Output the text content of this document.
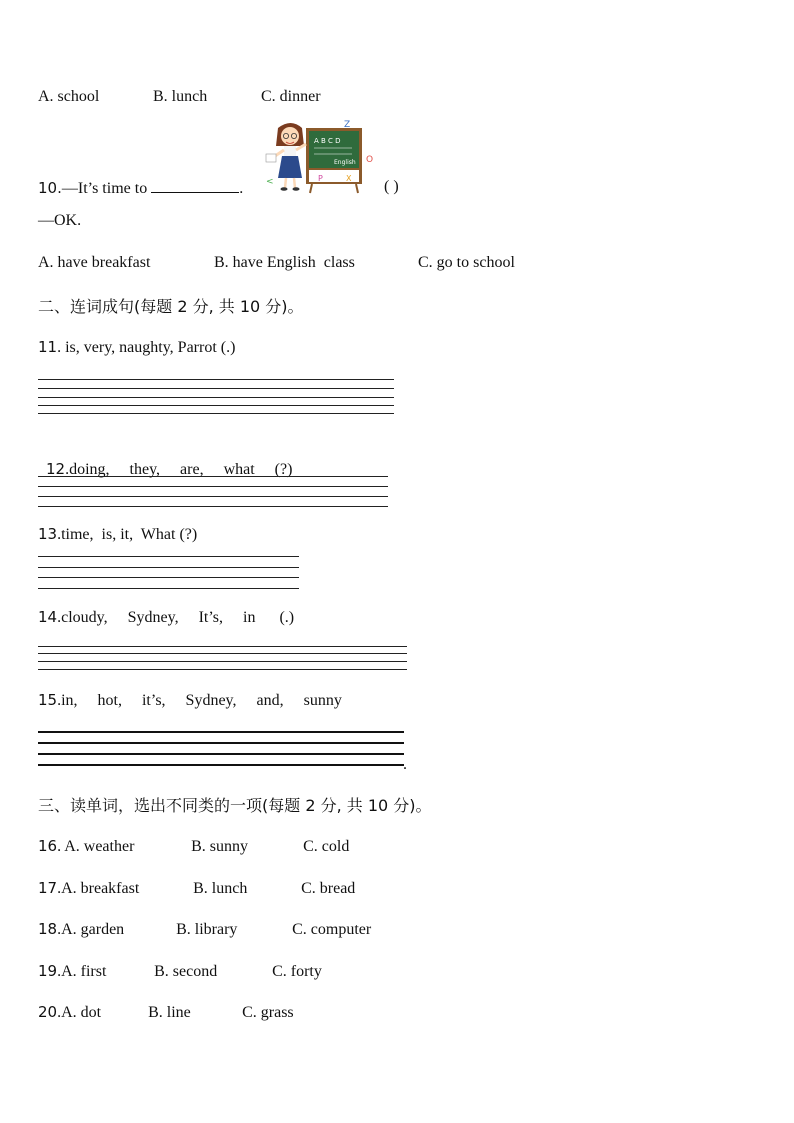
A. school	B. lunch	C. dinner
A B C D
English
Z
O
P	X
<
10.—It’s time to	.	( )
—OK.
A. have breakfast	B. have English  class	C. go to school
二、连词成句(每题 2 分, 共 10 分)。
11. is, very, naughty, Parrot (.)

12.doing,     they,     are,     what     (?)

13.time,  is, it,  What (?)
14.cloudy,     Sydney,     It’s,     in      (.)
15.in,     hot,     it’s,     Sydney,     and,     sunny
.
三、读单词，选出不同类的一项(每题 2 分, 共 10 分)。
16. A. weather	B. sunny	C. cold
17.A. breakfast	B. lunch	C. bread
18.A. garden	B. library	C. computer
19.A. first	B. second	C. forty
20.A. dot	B. line	C. grass
